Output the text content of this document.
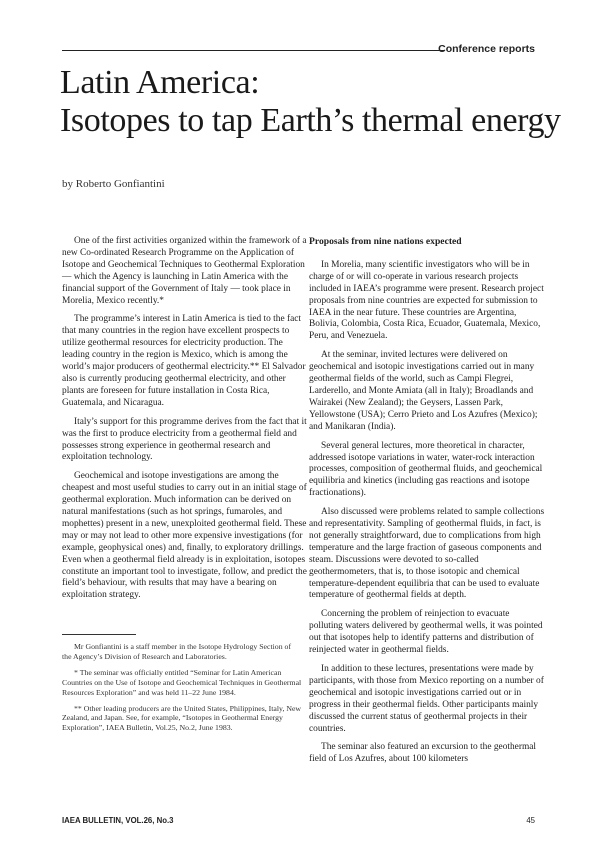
Conference reports
Latin America:
Isotopes to tap Earth’s thermal energy
by Roberto Gonfiantini

One of the first activities organized within the framework of a new Co-ordinated Research Programme on the Application of Isotope and Geochemical Techniques to Geothermal Exploration — which the Agency is launching in Latin America with the financial support of the Government of Italy — took place in Morelia, Mexico recently.*

The programme’s interest in Latin America is tied to the fact that many countries in the region have excellent prospects to utilize geothermal resources for electricity production. The leading country in the region is Mexico, which is among the world’s major producers of geothermal electricity.** El Salvador also is currently producing geothermal electricity, and other plants are foreseen for future installation in Costa Rica, Guatemala, and Nicaragua.

Italy’s support for this programme derives from the fact that it was the first to produce electricity from a geothermal field and possesses strong experience in geothermal research and exploitation technology.

Geochemical and isotope investigations are among the cheapest and most useful studies to carry out in an initial stage of geothermal exploration. Much information can be derived on natural manifestations (such as hot springs, fumaroles, and mophettes) present in a new, unexploited geothermal field. These may or may not lead to other more expensive investigations (for example, geophysical ones) and, finally, to exploratory drillings. Even when a geothermal field already is in exploitation, isotopes constitute an important tool to investigate, follow, and predict the field’s behaviour, with results that may have a bearing on exploitation strategy.

Mr Gonfiantini is a staff member in the Isotope Hydrology Section of the Agency’s Division of Research and Laboratories.

* The seminar was officially entitled “Seminar for Latin American Countries on the Use of Isotope and Geochemical Techniques in Geothermal Resources Exploration” and was held 11–22 June 1984.

** Other leading producers are the United States, Philippines, Italy, New Zealand, and Japan. See, for example, “Isotopes in Geothermal Energy Exploration”, IAEA Bulletin, Vol.25, No.2, June 1983.

Proposals from nine nations expected

In Morelia, many scientific investigators who will be in charge of or will co-operate in various research projects included in IAEA’s programme were present. Research project proposals from nine countries are expected for submission to IAEA in the near future. These countries are Argentina, Bolivia, Colombia, Costa Rica, Ecuador, Guatemala, Mexico, Peru, and Venezuela.

At the seminar, invited lectures were delivered on geochemical and isotopic investigations carried out in many geothermal fields of the world, such as Campi Flegrei, Larderello, and Monte Amiata (all in Italy); Broadlands and Wairakei (New Zealand); the Geysers, Lassen Park, Yellowstone (USA); Cerro Prieto and Los Azufres (Mexico); and Manikaran (India).

Several general lectures, more theoretical in character, addressed isotope variations in water, water-rock interaction processes, composition of geothermal fluids, and geochemical equilibria and kinetics (including gas reactions and isotope fractionations).

Also discussed were problems related to sample collections and representativity. Sampling of geothermal fluids, in fact, is not generally straightforward, due to complications from high temperature and the large fraction of gaseous components and steam. Discussions were devoted to so-called geothermometers, that is, to those isotopic and chemical temperature-dependent equilibria that can be used to evaluate temperature of geothermal fields at depth.

Concerning the problem of reinjection to evacuate polluting waters delivered by geothermal wells, it was pointed out that isotopes help to identify patterns and distribution of reinjected water in geothermal fields.

In addition to these lectures, presentations were made by participants, with those from Mexico reporting on a number of geochemical and isotopic investigations carried out or in progress in their geothermal fields. Other participants mainly discussed the current status of geothermal projects in their countries.

The seminar also featured an excursion to the geothermal field of Los Azufres, about 100 kilometers

IAEA BULLETIN, VOL.26, No.3	45
